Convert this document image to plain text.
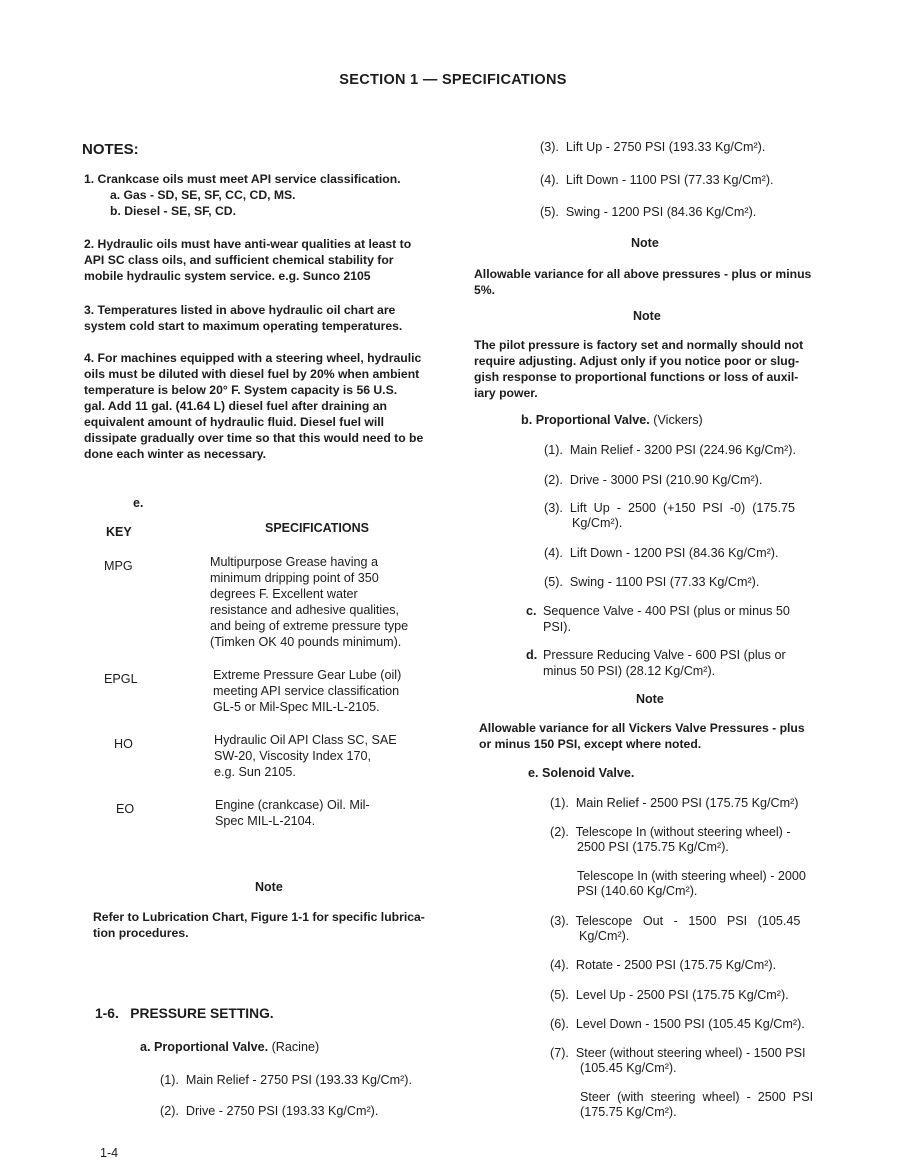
SECTION 1 — SPECIFICATIONS
NOTES:
1. Crankcase oils must meet API service classification.
a. Gas - SD, SE, SF, CC, CD, MS.
b. Diesel - SE, SF, CD.
2. Hydraulic oils must have anti-wear qualities at least to
API SC class oils, and sufficient chemical stability for
mobile hydraulic system service. e.g. Sunco 2105
3. Temperatures listed in above hydraulic oil chart are
system cold start to maximum operating temperatures.
4. For machines equipped with a steering wheel, hydraulic
oils must be diluted with diesel fuel by 20% when ambient
temperature is below 20° F. System capacity is 56 U.S.
gal. Add 11 gal. (41.64 L) diesel fuel after draining an
equivalent amount of hydraulic fluid. Diesel fuel will
dissipate gradually over time so that this would need to be
done each winter as necessary.
e.
KEY	SPECIFICATIONS
MPG	Multipurpose Grease having a
minimum dripping point of 350
degrees F. Excellent water
resistance and adhesive qualities,
and being of extreme pressure type
(Timken OK 40 pounds minimum).
EPGL	Extreme Pressure Gear Lube (oil)
meeting API service classification
GL-5 or Mil-Spec MIL-L-2105.
HO	Hydraulic Oil API Class SC, SAE
SW-20, Viscosity Index 170,
e.g. Sun 2105.
EO	Engine (crankcase) Oil. Mil-
Spec MIL-L-2104.
Note
Refer to Lubrication Chart, Figure 1-1 for specific lubrica-
tion procedures.
1-6.   PRESSURE SETTING.
a. Proportional Valve. (Racine)
(1).  Main Relief - 2750 PSI (193.33 Kg/Cm²).
(2).  Drive - 2750 PSI (193.33 Kg/Cm²).
1-4
(3).  Lift Up - 2750 PSI (193.33 Kg/Cm²).
(4).  Lift Down - 1100 PSI (77.33 Kg/Cm²).
(5).  Swing - 1200 PSI (84.36 Kg/Cm²).
Note
Allowable variance for all above pressures - plus or minus
5%.
Note
The pilot pressure is factory set and normally should not
require adjusting. Adjust only if you notice poor or slug-
gish response to proportional functions or loss of auxil-
iary power.
b. Proportional Valve. (Vickers)
(1).  Main Relief - 3200 PSI (224.96 Kg/Cm²).
(2).  Drive - 3000 PSI (210.90 Kg/Cm²).
(3).  Lift  Up  -  2500  (+150  PSI  -0)  (175.75
Kg/Cm²).
(4).  Lift Down - 1200 PSI (84.36 Kg/Cm²).
(5).  Swing - 1100 PSI (77.33 Kg/Cm²).
c. Sequence Valve - 400 PSI (plus or minus 50
PSI).
d. Pressure Reducing Valve - 600 PSI (plus or
minus 50 PSI) (28.12 Kg/Cm²).
Note
Allowable variance for all Vickers Valve Pressures - plus
or minus 150 PSI, except where noted.
e. Solenoid Valve.
(1).  Main Relief - 2500 PSI (175.75 Kg/Cm²)
(2).  Telescope In (without steering wheel) -
2500 PSI (175.75 Kg/Cm²).
Telescope In (with steering wheel) - 2000
PSI (140.60 Kg/Cm²).
(3).  Telescope   Out   -   1500   PSI   (105.45
Kg/Cm²).
(4).  Rotate - 2500 PSI (175.75 Kg/Cm²).
(5).  Level Up - 2500 PSI (175.75 Kg/Cm²).
(6).  Level Down - 1500 PSI (105.45 Kg/Cm²).
(7).  Steer (without steering wheel) - 1500 PSI
(105.45 Kg/Cm²).
Steer  (with  steering  wheel)  -  2500  PSI
(175.75 Kg/Cm²).
